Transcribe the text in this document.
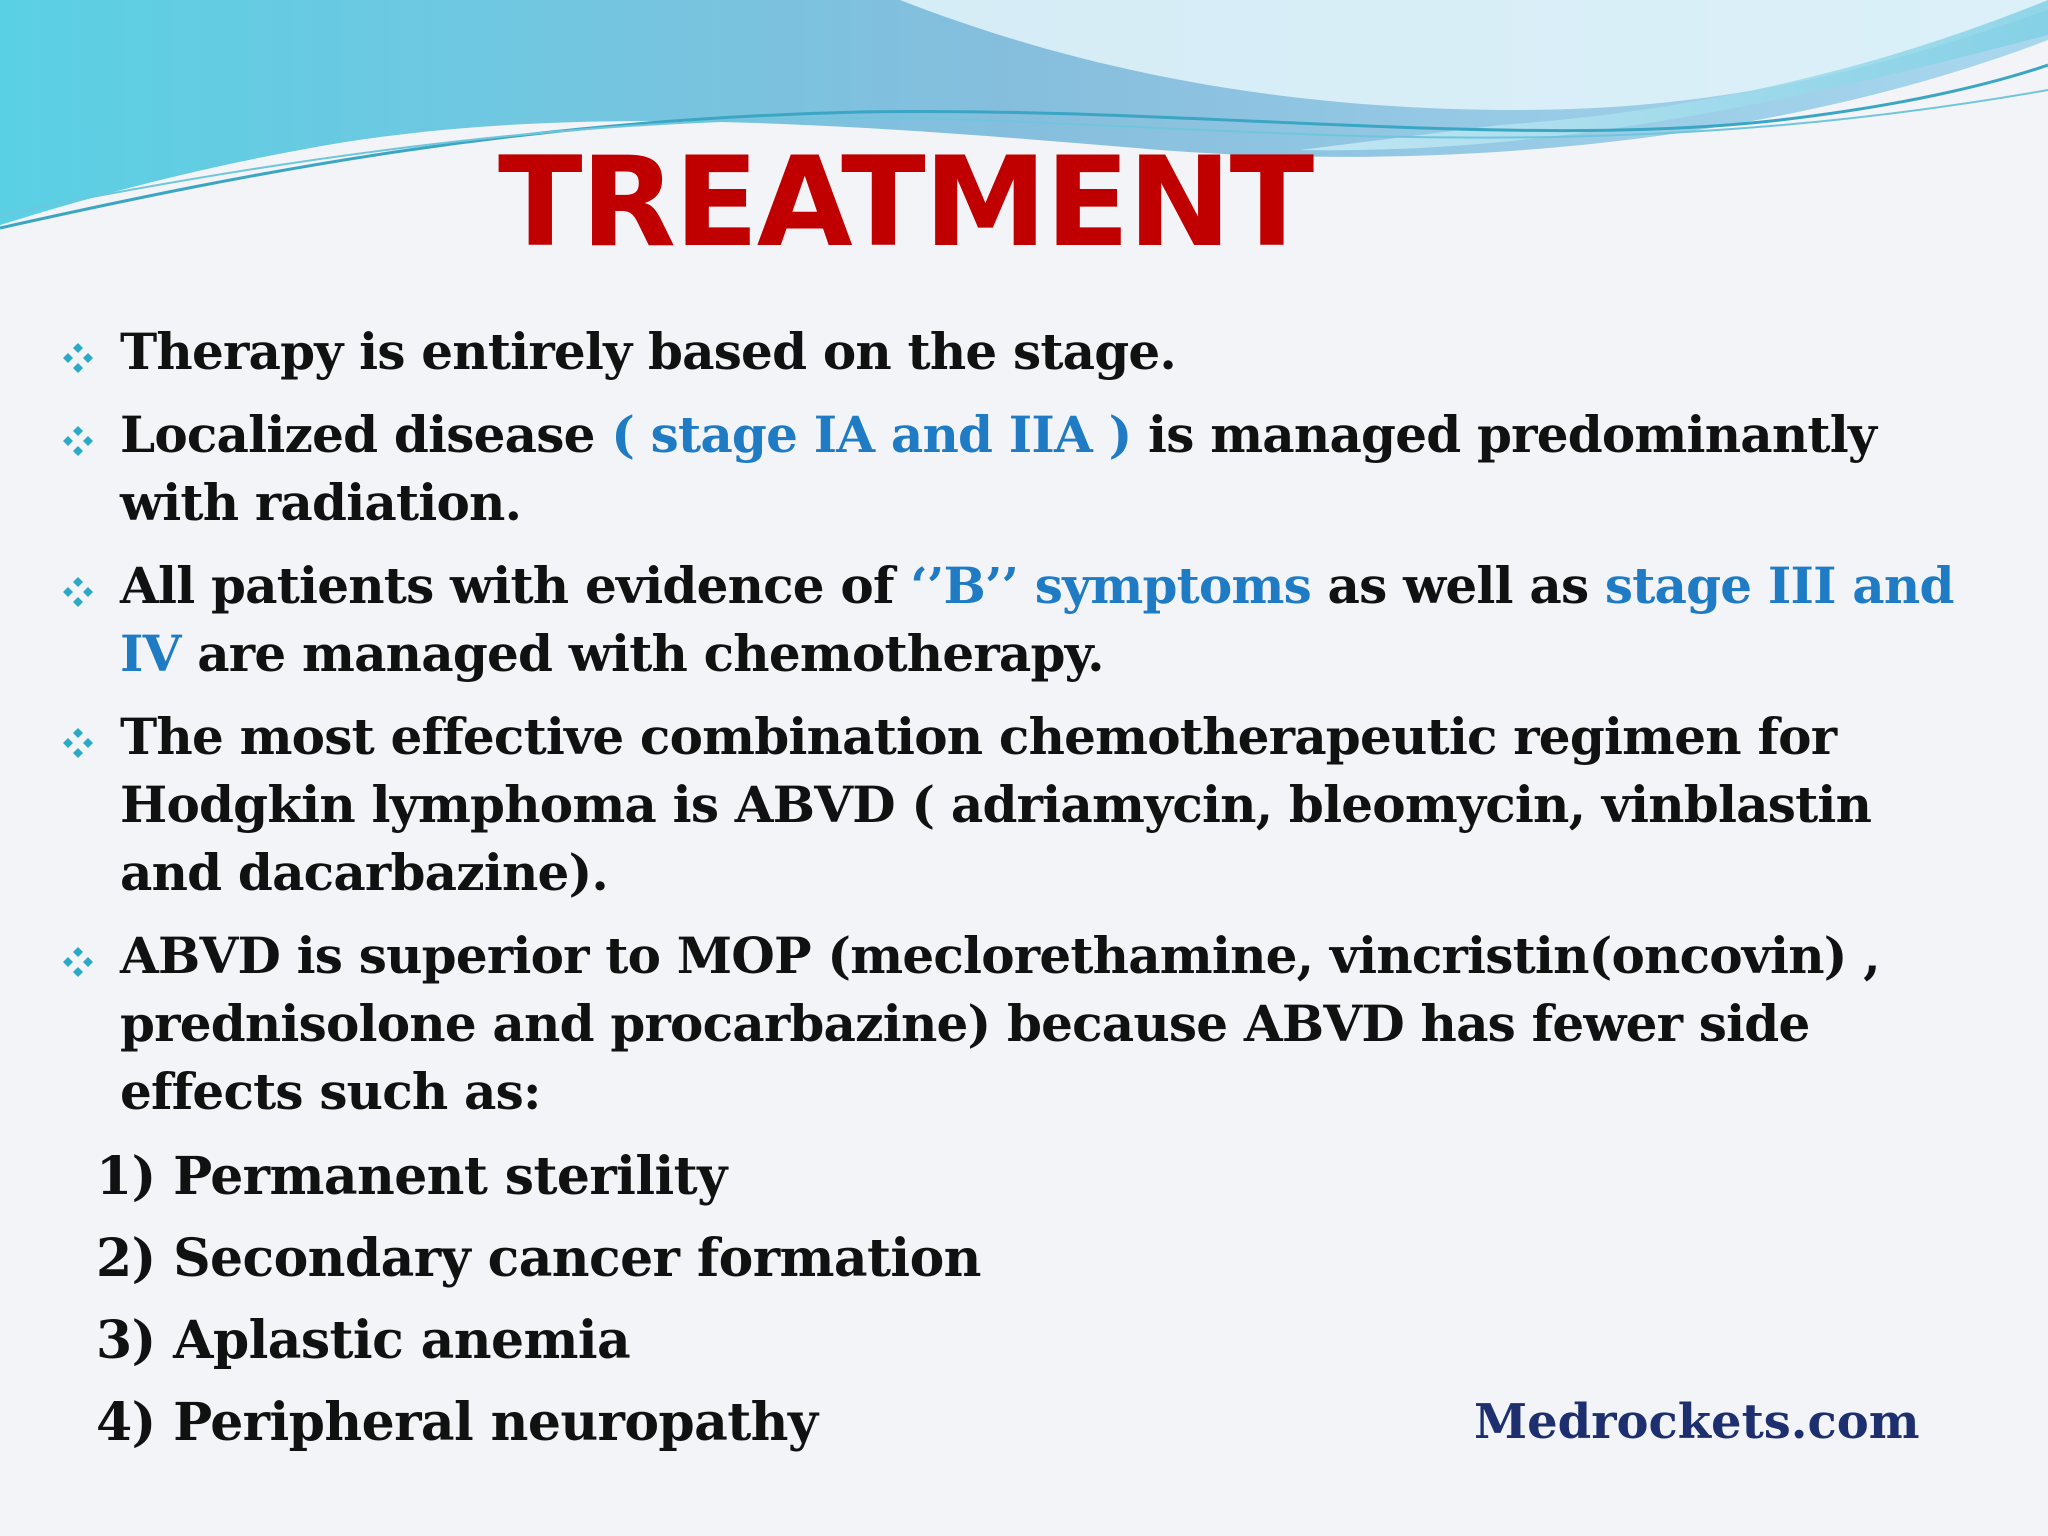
TREATMENT
Therapy is entirely based on the stage.
Localized disease ( stage IA and IIA ) is managed predominantly with radiation.
All patients with evidence of ‘’B’’ symptoms as well as stage III and IV are managed with chemotherapy.
The most effective combination chemotherapeutic regimen for Hodgkin lymphoma is ABVD ( adriamycin, bleomycin, vinblastin and dacarbazine).
ABVD is superior to MOP (meclorethamine, vincristin(oncovin) , prednisolone and procarbazine) because ABVD has fewer side effects such as:
1) Permanent sterility
2) Secondary cancer formation
3) Aplastic anemia
4) Peripheral neuropathy	Medrockets.com
